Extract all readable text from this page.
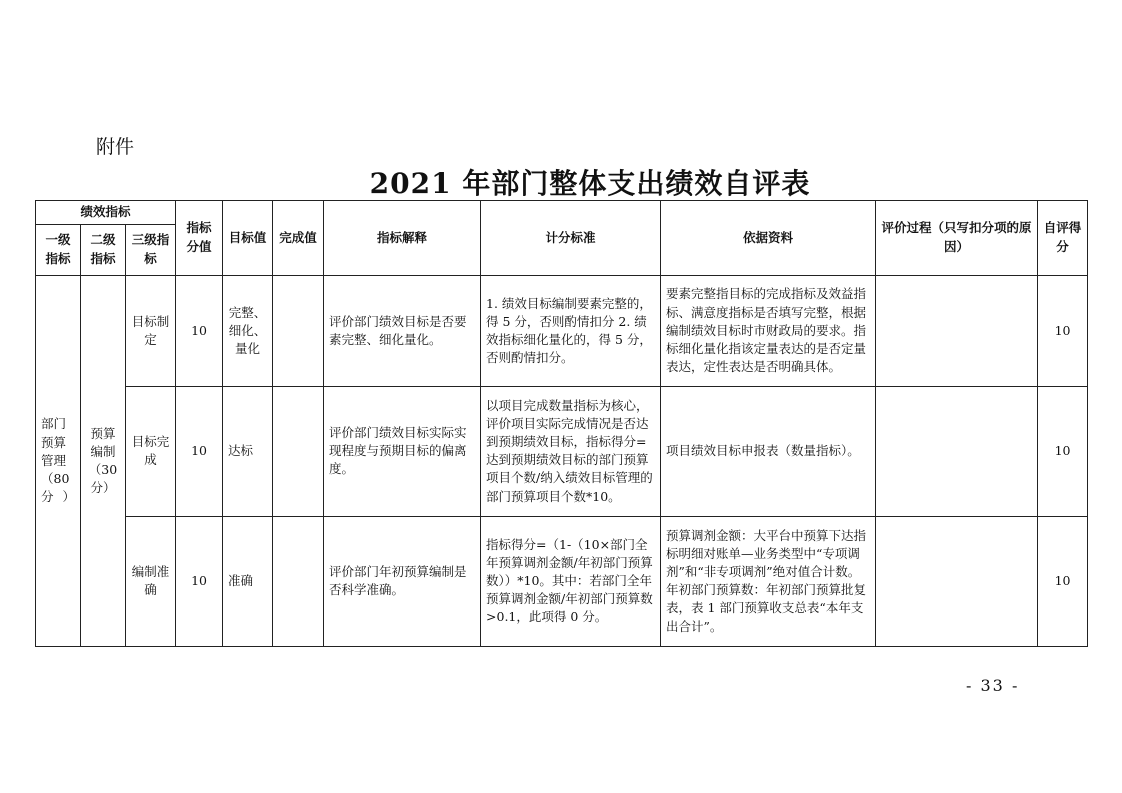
附件
2021 年部门整体支出绩效自评表
绩效指标			指标分值	目标值	完成值	指标解释	计分标准	依据资料	评价过程（只写扣分项的原因）	自评得分
一级指标	二级指标	三级指标								
部门预算管理（80分）	预算编制（30分）	目标制定	10	完整、细化、量化		评价部门绩效目标是否要素完整、细化量化。	1. 绩效目标编制要素完整的，得 5 分，否则酌情扣分 2. 绩效指标细化量化的，得 5 分，否则酌情扣分。	要素完整指目标的完成指标及效益指标、满意度指标是否填写完整，根据编制绩效目标时市财政局的要求。指标细化量化指该定量表达的是否定量表达，定性表达是否明确具体。		10
		目标完成	10	达标		评价部门绩效目标实际实现程度与预期目标的偏离度。	以项目完成数量指标为核心，评价项目实际完成情况是否达到预期绩效目标，指标得分=达到预期绩效目标的部门预算项目个数/纳入绩效目标管理的部门预算项目个数*10。	项目绩效目标申报表（数量指标）。		10
		编制准确	10	准确		评价部门年初预算编制是否科学准确。	指标得分=（1-（10×部门全年预算调剂金额/年初部门预算数））*10。其中：若部门全年预算调剂金额/年初部门预算数>0.1，此项得 0 分。	预算调剂金额：大平台中预算下达指标明细对账单—业务类型中“专项调剂”和“非专项调剂”绝对值合计数。
年初部门预算数：年初部门预算批复表，表 1 部门预算收支总表“本年支出合计”。		10
- 33 -
